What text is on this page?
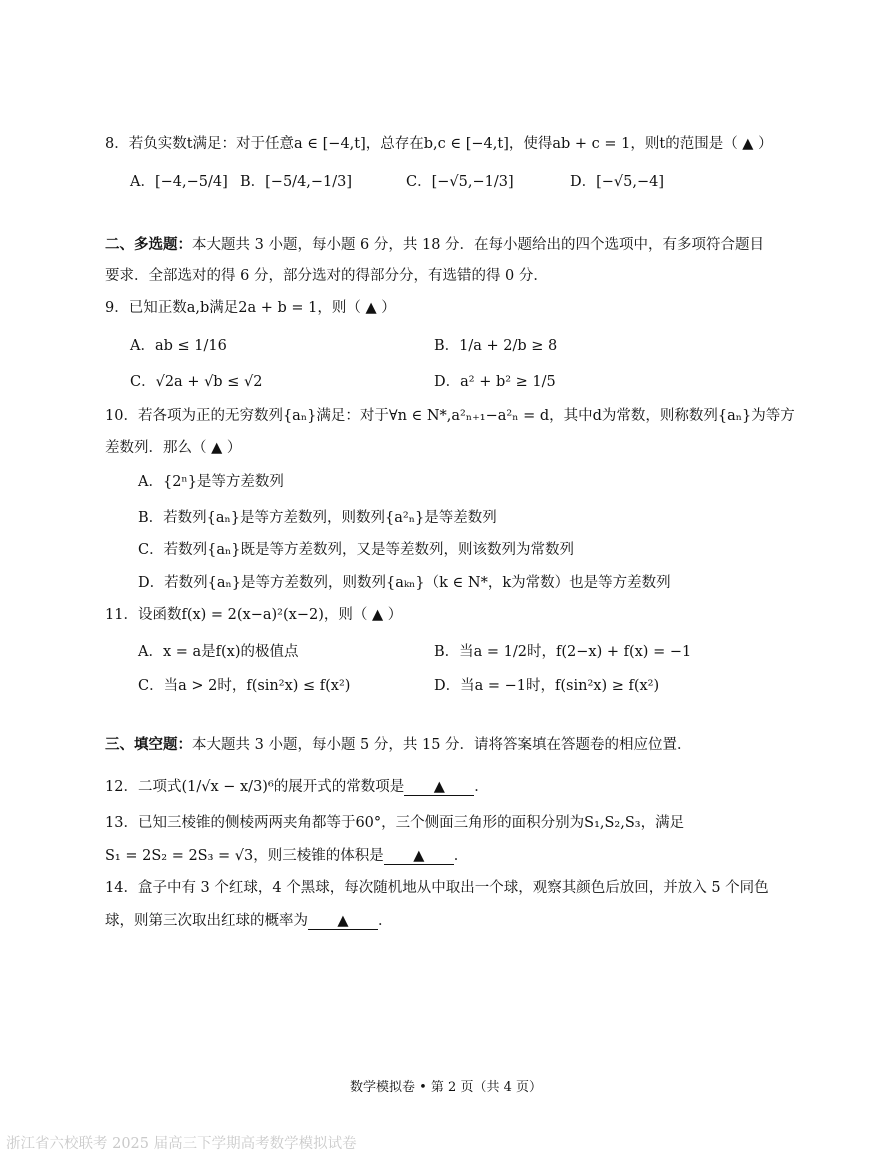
8．若负实数t满足：对于任意a ∈ [−4,t]，总存在b,c ∈ [−4,t]，使得ab + c = 1，则t的范围是（ ▲ ）
A．[−4,−5/4] B．[−5/4,−1/3]	C．[−√5,−1/3]	D．[−√5,−4]
二、多选题：本大题共 3 小题，每小题 6 分，共 18 分．在每小题给出的四个选项中，有多项符合题目
要求．全部选对的得 6 分，部分选对的得部分分，有选错的得 0 分．
9．已知正数a,b满足2a + b = 1，则（ ▲ ）
A．ab ≤ 1/16	B．1/a + 2/b ≥ 8
C．√2a + √b ≤ √2	D．a² + b² ≥ 1/5
10．若各项为正的无穷数列{aₙ}满足：对于∀n ∈ N*,a²ₙ₊₁−a²ₙ = d，其中d为常数，则称数列{aₙ}为等方
差数列．那么（ ▲ ）
A．{2ⁿ}是等方差数列
B．若数列{aₙ}是等方差数列，则数列{a²ₙ}是等差数列
C．若数列{aₙ}既是等方差数列，又是等差数列，则该数列为常数列
D．若数列{aₙ}是等方差数列，则数列{aₖₙ}（k ∈ N*，k为常数）也是等方差数列
11．设函数f(x) = 2(x−a)²(x−2)，则（ ▲ ）
A．x = a是f(x)的极值点	B．当a = 1/2时，f(2−x) + f(x) = −1
C．当a > 2时，f(sin²x) ≤ f(x²)	D．当a = −1时，f(sin²x) ≥ f(x²)
三、填空题：本大题共 3 小题，每小题 5 分，共 15 分．请将答案填在答题卷的相应位置．
12．二项式(1/√x − x/3)⁶的展开式的常数项是 ▲ ．
13．已知三棱锥的侧棱两两夹角都等于60°，三个侧面三角形的面积分别为S₁,S₂,S₃，满足
S₁ = 2S₂ = 2S₃ = √3，则三棱锥的体积是 ▲ ．
14．盒子中有 3 个红球，4 个黑球，每次随机地从中取出一个球，观察其颜色后放回，并放入 5 个同色
球，则第三次取出红球的概率为 ▲ ．
数学模拟卷 • 第 2 页（共 4 页）
浙江省六校联考 2025 届高三下学期高考数学模拟试卷
